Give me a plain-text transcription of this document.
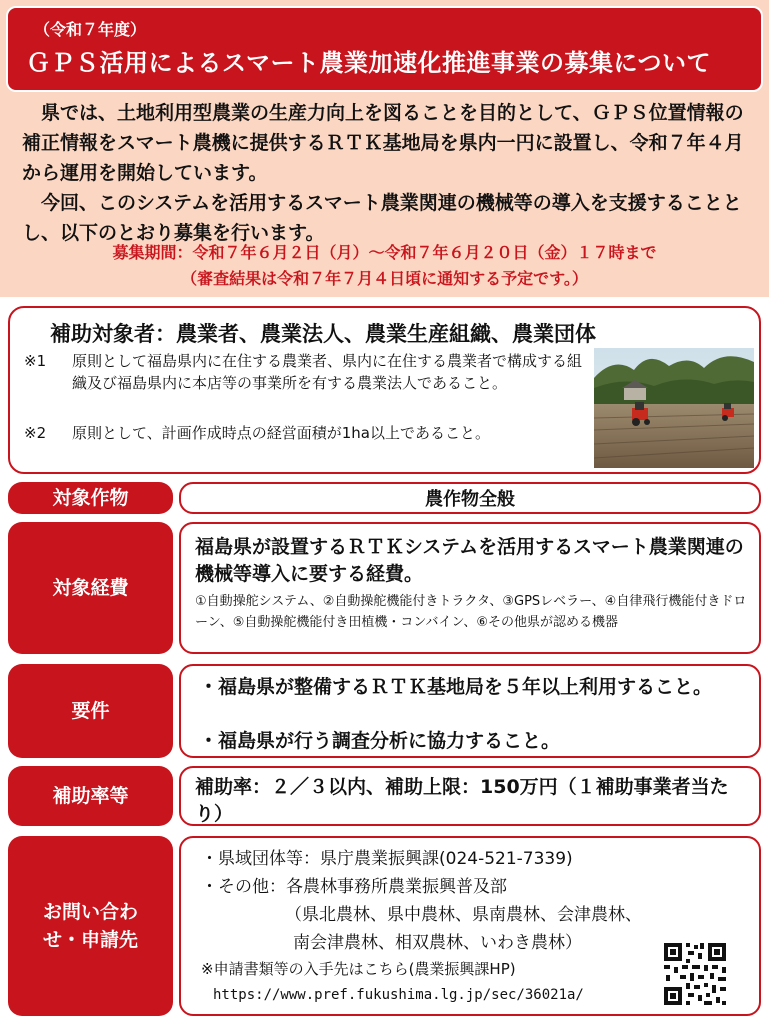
（令和７年度）
ＧＰＳ活用によるスマート農業加速化推進事業の募集について

県では、土地利用型農業の生産力向上を図ることを目的として、ＧＰＳ位置情報の補正情報をスマート農機に提供するＲＴＫ基地局を県内一円に設置し、令和７年４月から運用を開始しています。

今回、このシステムを活用するスマート農業関連の機械等の導入を支援することとし、以下のとおり募集を行います。

募集期間：令和７年６月２日（月）～令和７年６月２０日（金）１７時まで
（審査結果は令和７年７月４日頃に通知する予定です。）
補助対象者：農業者、農業法人、農業生産組織、農業団体
※1 原則として福島県内に在住する農業者、県内に在住する農業者で構成する組織及び福島県内に本店等の事業所を有する農業法人であること。
※2 原則として、計画作成時点の経営面積が1ha以上であること。
対象作物	農作物全般
対象経費
福島県が設置するＲＴＫシステムを活用するスマート農業関連の機械等導入に要する経費。
①自動操舵システム、②自動操舵機能付きトラクタ、③GPSレベラー、④自律飛行機能付きドローン、⑤自動操舵機能付き田植機・コンバイン、⑥その他県が認める機器
要件
・福島県が整備するＲＴＫ基地局を５年以上利用すること。
・福島県が行う調査分析に協力すること。
補助率等	補助率：２／３以内、補助上限：150万円（１補助事業者当たり）
お問い合わせ・申請先
・県域団体等：県庁農業振興課(024-521-7339)
・その他：各農林事務所農業振興普及部
（県北農林、県中農林、県南農林、会津農林、
南会津農林、相双農林、いわき農林）
※申請書類等の入手先はこちら(農業振興課HP)
https://www.pref.fukushima.lg.jp/sec/36021a/
